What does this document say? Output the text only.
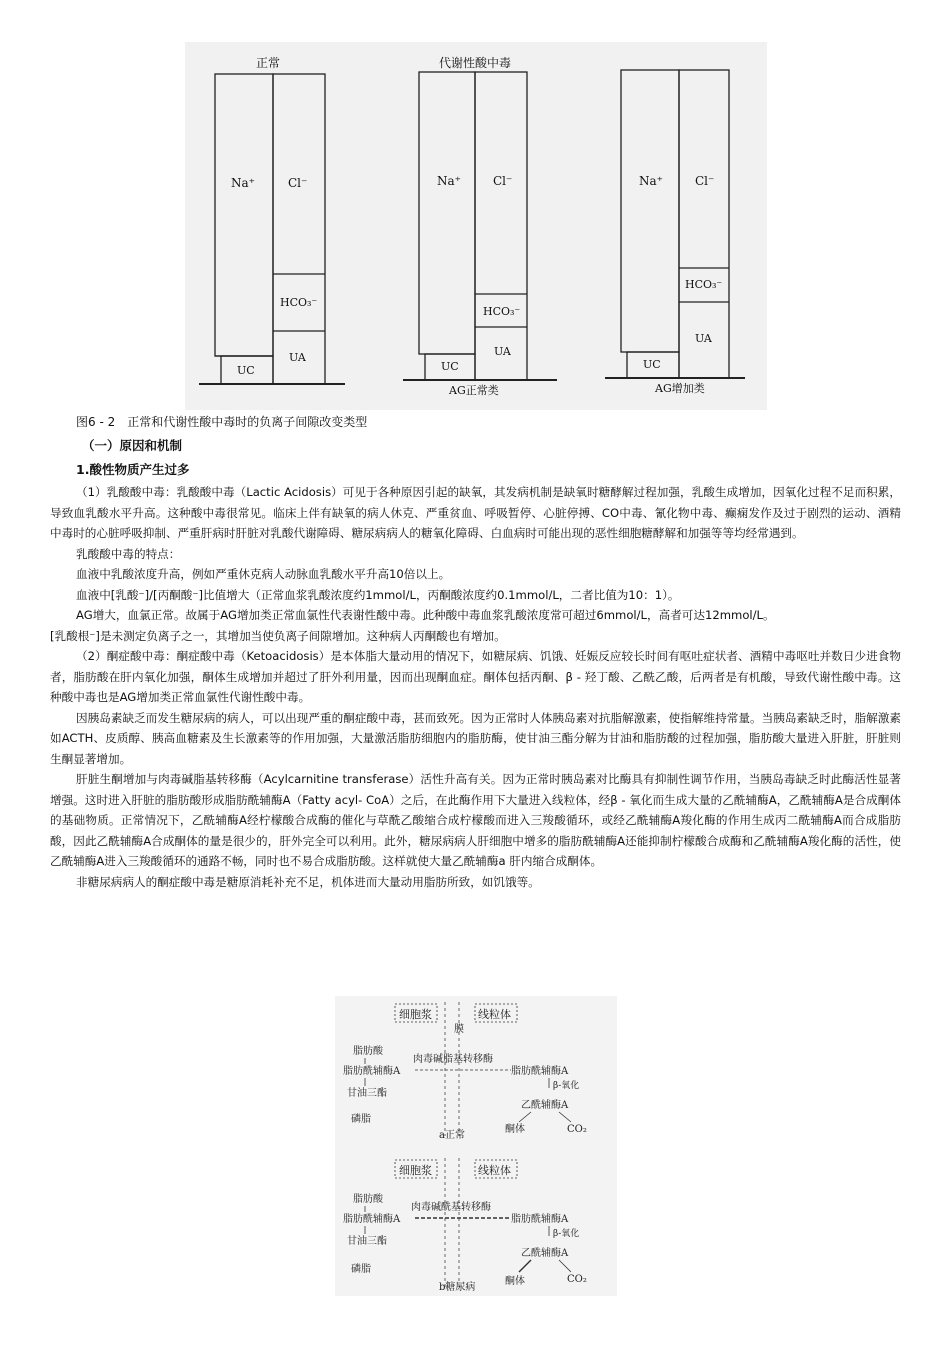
正常
Na⁺	Cl⁻
HCO₃⁻
UA
UC
代谢性酸中毒
Na⁺	Cl⁻
HCO₃⁻
UA
UC
AG正常类
Na⁺	Cl⁻
HCO₃⁻
UA
UC
AG增加类
图6 - 2　正常和代谢性酸中毒时的负离子间隙改变类型
（一）原因和机制
1.酸性物质产生过多

（1）乳酸酸中毒：乳酸酸中毒（Lactic Acidosis）可见于各种原因引起的缺氧，其发病机制是缺氧时糖酵解过程加强，乳酸生成增加，因氧化过程不足而积累，导致血乳酸水平升高。这种酸中毒很常见。临床上伴有缺氧的病人休克、严重贫血、呼吸暂停、心脏停搏、CO中毒、氰化物中毒、癫痫发作及过于剧烈的运动、酒精中毒时的心脏呼吸抑制、严重肝病时肝脏对乳酸代谢障碍、糖尿病病人的糖氧化障碍、白血病时可能出现的恶性细胞糖酵解和加强等等均经常遇到。

乳酸酸中毒的特点：

血液中乳酸浓度升高，例如严重休克病人动脉血乳酸水平升高10倍以上。

血液中[乳酸⁻]/[丙酮酸⁻]比值增大（正常血浆乳酸浓度约1mmol/L，丙酮酸浓度约0.1mmol/L，二者比值为10：1）。

AG增大，血氯正常。故属于AG增加类正常血氯性代表谢性酸中毒。此种酸中毒血浆乳酸浓度常可超过6mmol/L，高者可达12mmol/L。

[乳酸根⁻]是未测定负离子之一，其增加当使负离子间隙增加。这种病人丙酮酸也有增加。

（2）酮症酸中毒：酮症酸中毒（Ketoacidosis）是本体脂大量动用的情况下，如糖尿病、饥饿、妊娠反应较长时间有呕吐症状者、酒精中毒呕吐并数日少进食物者，脂肪酸在肝内氧化加强，酮体生成增加并超过了肝外利用量，因而出现酮血症。酮体包括丙酮、β - 羟丁酸、乙酰乙酸，后两者是有机酸，导致代谢性酸中毒。这种酸中毒也是AG增加类正常血氯性代谢性酸中毒。

因胰岛素缺乏而发生糖尿病的病人，可以出现严重的酮症酸中毒，甚而致死。因为正常时人体胰岛素对抗脂解激素，使指解维持常量。当胰岛素缺乏时，脂解激素如ACTH、皮质醇、胰高血糖素及生长激素等的作用加强，大量激活脂肪细胞内的脂肪酶，使甘油三酯分解为甘油和脂肪酸的过程加强，脂肪酸大量进入肝脏，肝脏则生酮显著增加。

肝脏生酮增加与肉毒碱脂基转移酶（Acylcarnitine transferase）活性升高有关。因为正常时胰岛素对比酶具有抑制性调节作用，当胰岛毒缺乏时此酶活性显著增强。这时进入肝脏的脂肪酸形成脂肪酰辅酶A（Fatty acyl- CoA）之后，在此酶作用下大量进入线粒体，经β - 氧化而生成大量的乙酰辅酶A，乙酰辅酶A是合成酮体的基础物质。正常情况下，乙酰辅酶A经柠檬酸合成酶的催化与草酰乙酸缩合成柠檬酸而进入三羧酸循环，或经乙酰辅酶A羧化酶的作用生成丙二酰辅酶A而合成脂肪酸，因此乙酰辅酶A合成酮体的量是很少的，肝外完全可以利用。此外，糖尿病病人肝细胞中增多的脂肪酰辅酶A还能抑制柠檬酸合成酶和乙酰辅酶A羧化酶的活性，使乙酰辅酶A进入三羧酸循环的通路不畅，同时也不易合成脂肪酸。这样就使大量乙酰辅酶a 肝内缩合成酮体。

非糖尿病病人的酮症酸中毒是糖原消耗补充不足，机体进而大量动用脂肪所致，如饥饿等。

细胞浆
膜
线粒体
脂肪酸
脂肪酰辅酶A
肉毒碱脂基转移酶
脂肪酰辅酶A
甘油三酯
β-氧化
乙酰辅酶A
磷脂
酮体	CO₂
a正常
细胞浆	线粒体
脂肪酸
脂肪酰辅酶A
肉毒碱酰基转移酶
脂肪酰辅酶A
甘油三酯
β-氧化
乙酰辅酶A
磷脂
酮体	CO₂
b糖尿病
